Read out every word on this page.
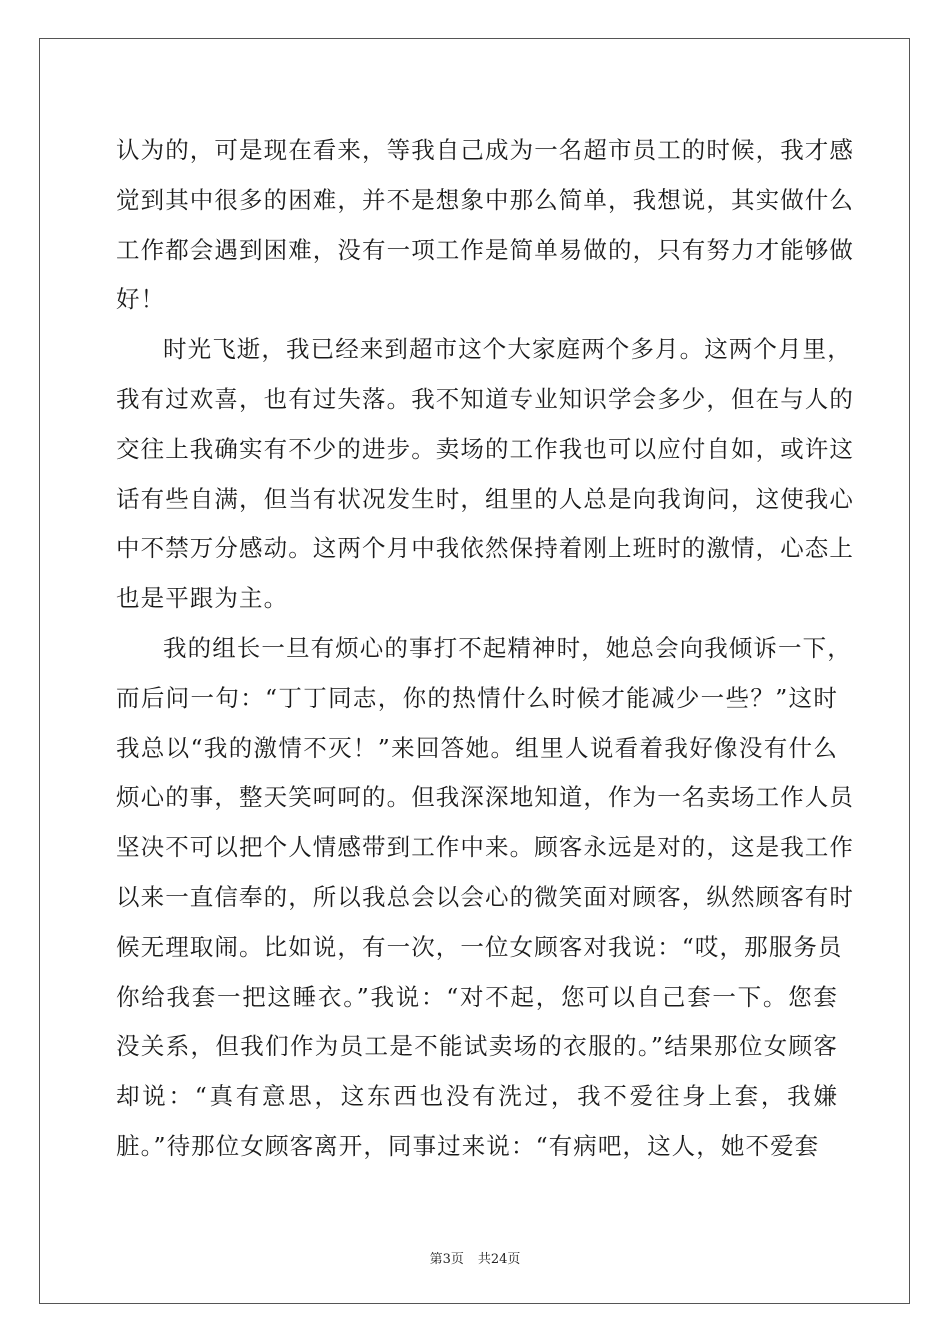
认为的，可是现在看来，等我自己成为一名超市员工的时候，我才感
觉到其中很多的困难，并不是想象中那么简单，我想说，其实做什么
工作都会遇到困难，没有一项工作是简单易做的，只有努力才能够做
好！

时光飞逝，我已经来到超市这个大家庭两个多月。这两个月里，
我有过欢喜，也有过失落。我不知道专业知识学会多少，但在与人的
交往上我确实有不少的进步。卖场的工作我也可以应付自如，或许这
话有些自满，但当有状况发生时，组里的人总是向我询问，这使我心
中不禁万分感动。这两个月中我依然保持着刚上班时的激情，心态上
也是平跟为主。

我的组长一旦有烦心的事打不起精神时，她总会向我倾诉一下，
而后问一句：“丁丁同志，你的热情什么时候才能减少一些？”这时
我总以“我的激情不灭！”来回答她。组里人说看着我好像没有什么
烦心的事，整天笑呵呵的。但我深深地知道，作为一名卖场工作人员
坚决不可以把个人情感带到工作中来。顾客永远是对的，这是我工作
以来一直信奉的，所以我总会以会心的微笑面对顾客，纵然顾客有时
候无理取闹。比如说，有一次，一位女顾客对我说：“哎，那服务员
你给我套一把这睡衣。”我说：“对不起，您可以自己套一下。您套
没关系，但我们作为员工是不能试卖场的衣服的。”结果那位女顾客
却说：“真有意思，这东西也没有洗过，我不爱往身上套，我嫌
脏。”待那位女顾客离开，同事过来说：“有病吧，这人，她不爱套

第3页 共24页
